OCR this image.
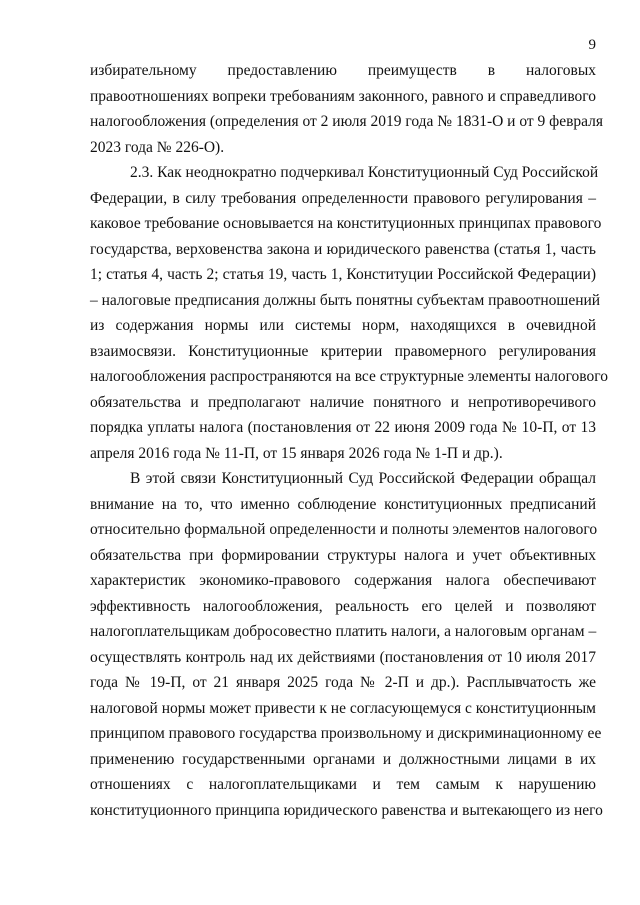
9
избирательному предоставлению преимуществ в налоговых
правоотношениях вопреки требованиям законного, равного и справедливого
налогообложения (определения от 2 июля 2019 года № 1831-О и от 9 февраля
2023 года № 226-О).
2.3. Как неоднократно подчеркивал Конституционный Суд Российской
Федерации, в силу требования определенности правового регулирования –
каковое требование основывается на конституционных принципах правового
государства, верховенства закона и юридического равенства (статья 1, часть
1; статья 4, часть 2; статья 19, часть 1, Конституции Российской Федерации)
– налоговые предписания должны быть понятны субъектам правоотношений
из содержания нормы или системы норм, находящихся в очевидной
взаимосвязи. Конституционные критерии правомерного регулирования
налогообложения распространяются на все структурные элементы налогового
обязательства и предполагают наличие понятного и непротиворечивого
порядка уплаты налога (постановления от 22 июня 2009 года № 10-П, от 13
апреля 2016 года № 11-П, от 15 января 2026 года № 1-П и др.).
В этой связи Конституционный Суд Российской Федерации обращал
внимание на то, что именно соблюдение конституционных предписаний
относительно формальной определенности и полноты элементов налогового
обязательства при формировании структуры налога и учет объективных
характеристик экономико-правового содержания налога обеспечивают
эффективность налогообложения, реальность его целей и позволяют
налогоплательщикам добросовестно платить налоги, а налоговым органам –
осуществлять контроль над их действиями (постановления от 10 июля 2017
года № 19-П, от 21 января 2025 года № 2-П и др.). Расплывчатость же
налоговой нормы может привести к не согласующемуся с конституционным
принципом правового государства произвольному и дискриминационному ее
применению государственными органами и должностными лицами в их
отношениях с налогоплательщиками и тем самым к нарушению
конституционного принципа юридического равенства и вытекающего из него
